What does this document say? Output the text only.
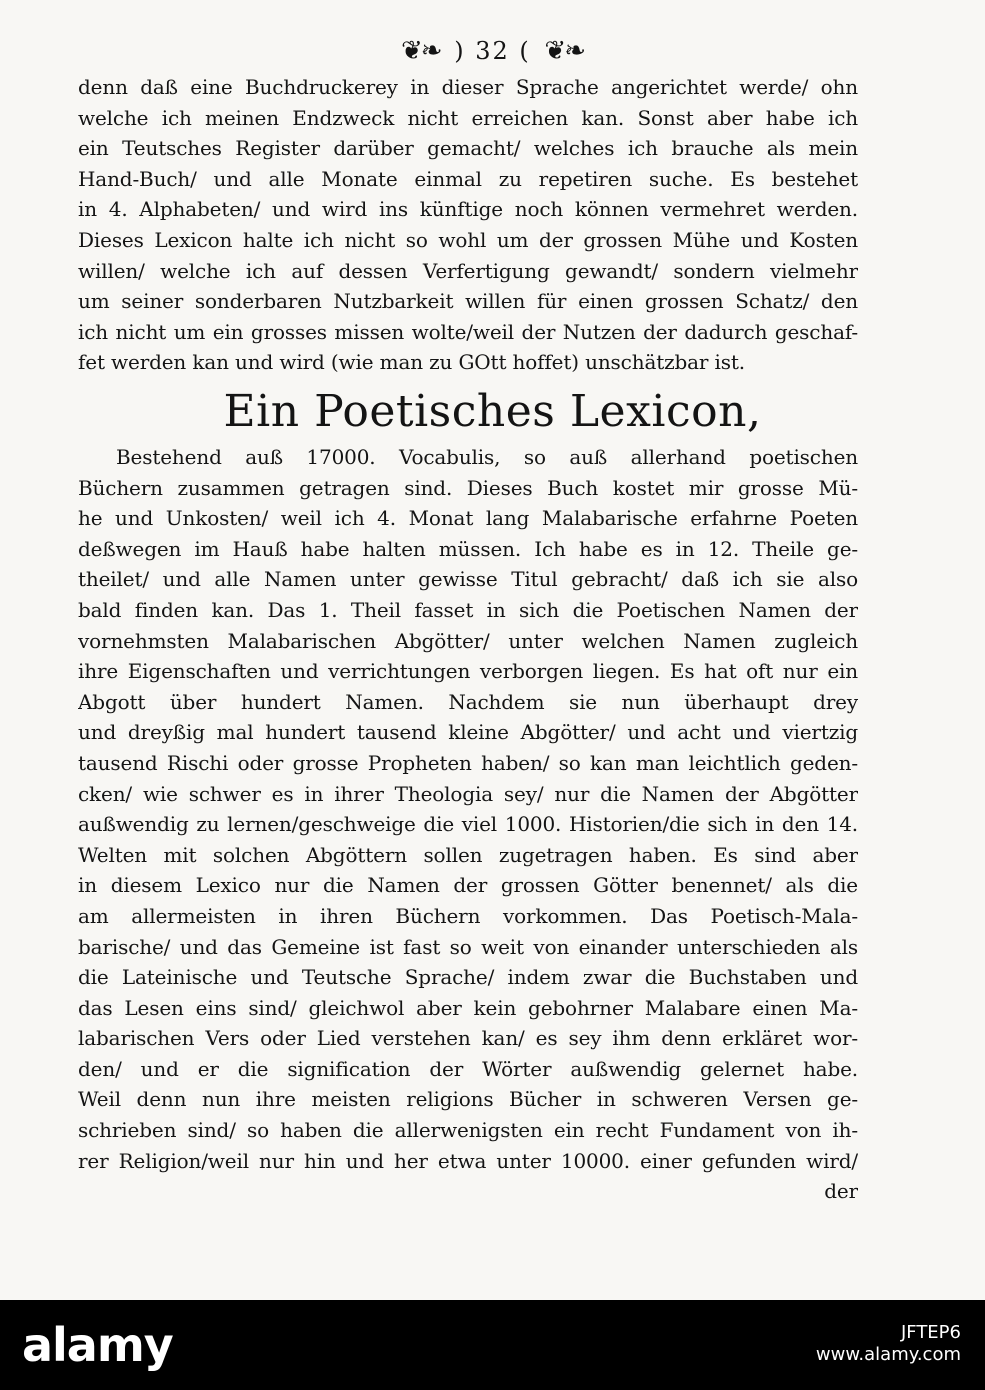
❦❧ ) 32 ( ❦❧
denn daß eine Buchdruckerey in dieser Sprache angerichtet werde/ ohn
welche ich meinen Endzweck nicht erreichen kan. Sonst aber habe ich
ein Teutsches Register darüber gemacht/ welches ich brauche als mein
Hand-Buch/ und alle Monate einmal zu repetiren suche. Es bestehet
in 4. Alphabeten/ und wird ins künftige noch können vermehret werden.
Dieses Lexicon halte ich nicht so wohl um der grossen Mühe und Kosten
willen/ welche ich auf dessen Verfertigung gewandt/ sondern vielmehr
um seiner sonderbaren Nutzbarkeit willen für einen grossen Schatz/ den
ich nicht um ein grosses missen wolte/weil der Nutzen der dadurch geschaf-
fet werden kan und wird (wie man zu GOtt hoffet) unschätzbar ist.
Ein Poetisches Lexicon,
Bestehend auß 17000. Vocabulis, so auß allerhand poetischen
Büchern zusammen getragen sind. Dieses Buch kostet mir grosse Mü-
he und Unkosten/ weil ich 4. Monat lang Malabarische erfahrne Poeten
deßwegen im Hauß habe halten müssen. Ich habe es in 12. Theile ge-
theilet/ und alle Namen unter gewisse Titul gebracht/ daß ich sie also
bald finden kan. Das 1. Theil fasset in sich die Poetischen Namen der
vornehmsten Malabarischen Abgötter/ unter welchen Namen zugleich
ihre Eigenschaften und verrichtungen verborgen liegen. Es hat oft nur ein
Abgott über hundert Namen. Nachdem sie nun überhaupt drey
und dreyßig mal hundert tausend kleine Abgötter/ und acht und viertzig
tausend Rischi oder grosse Propheten haben/ so kan man leichtlich geden-
cken/ wie schwer es in ihrer Theologia sey/ nur die Namen der Abgötter
außwendig zu lernen/geschweige die viel 1000. Historien/die sich in den 14.
Welten mit solchen Abgöttern sollen zugetragen haben. Es sind aber
in diesem Lexico nur die Namen der grossen Götter benennet/ als die
am allermeisten in ihren Büchern vorkommen. Das Poetisch-Mala-
barische/ und das Gemeine ist fast so weit von einander unterschieden als
die Lateinische und Teutsche Sprache/ indem zwar die Buchstaben und
das Lesen eins sind/ gleichwol aber kein gebohrner Malabare einen Ma-
labarischen Vers oder Lied verstehen kan/ es sey ihm denn erkläret wor-
den/ und er die signification der Wörter außwendig gelernet habe.
Weil denn nun ihre meisten religions Bücher in schweren Versen ge-
schrieben sind/ so haben die allerwenigsten ein recht Fundament von ih-
rer Religion/weil nur hin und her etwa unter 10000. einer gefunden wird/
der
alamy	JFTEP6
www.alamy.com
